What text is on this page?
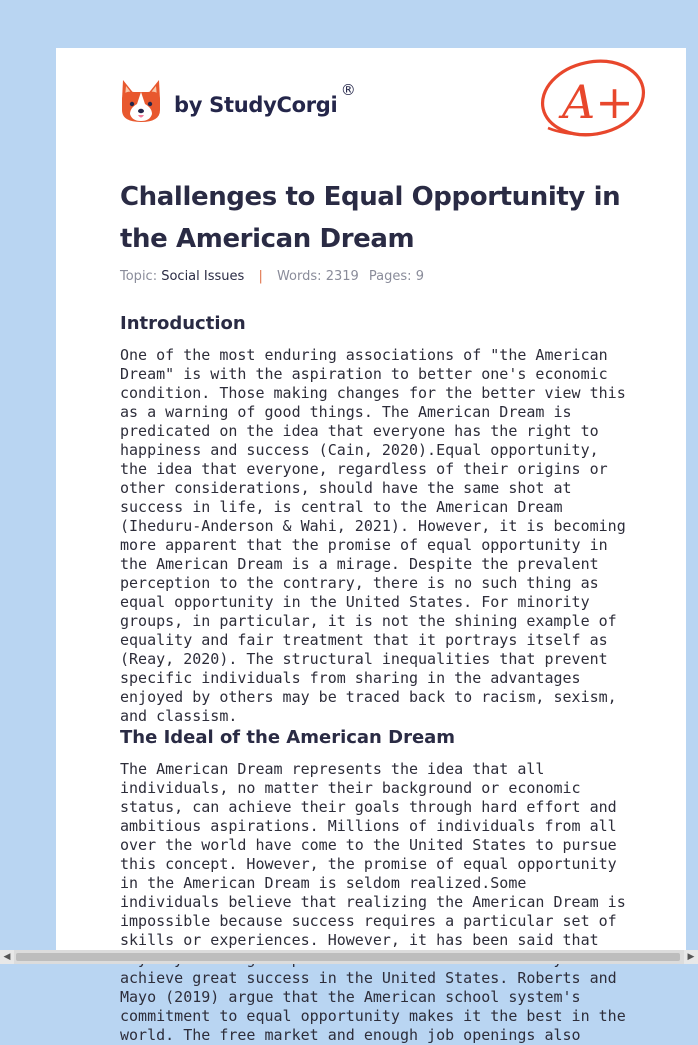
by StudyCorgi
®	A+
Challenges to Equal Opportunity in the American Dream
Topic: Social Issues | Words: 2319 Pages: 9
Introduction

One of the most enduring associations of "the American Dream" is with the aspiration to better one's economic condition. Those making changes for the better view this as a warning of good things. The American Dream is predicated on the idea that everyone has the right to happiness and success (Cain, 2020).Equal opportunity, the idea that everyone, regardless of their origins or other considerations, should have the same shot at success in life, is central to the American Dream (Iheduru-Anderson & Wahi, 2021). However, it is becoming more apparent that the promise of equal opportunity in the American Dream is a mirage. Despite the prevalent perception to the contrary, there is no such thing as equal opportunity in the United States. For minority groups, in particular, it is not the shining example of equality and fair treatment that it portrays itself as (Reay, 2020). The structural inequalities that prevent specific individuals from sharing in the advantages enjoyed by others may be traced back to racism, sexism, and classism.

The Ideal of the American Dream

The American Dream represents the idea that all individuals, no matter their background or economic status, can achieve their goals through hard effort and ambitious aspirations. Millions of individuals from all over the world have come to the United States to pursue this concept. However, the promise of equal opportunity in the American Dream is seldom realized.Some individuals believe that realizing the American Dream is impossible because success requires a particular set of skills or experiences. However, it has been said that achieve great success in the United States. Roberts and Mayo (2019) argue that the American school system's commitment to equal opportunity makes it the best in the world. The free market and enough job openings also

◀	▶
